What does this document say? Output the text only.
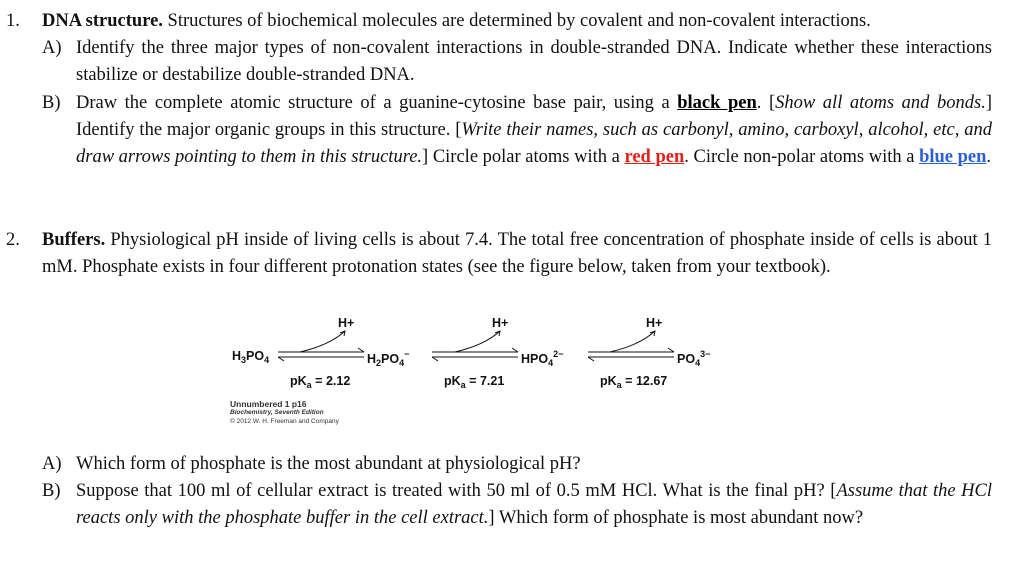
1. DNA structure. Structures of biochemical molecules are determined by covalent and non-covalent interactions.
A) Identify the three major types of non-covalent interactions in double-stranded DNA. Indicate whether these interactions stabilize or destabilize double-stranded DNA.
B) Draw the complete atomic structure of a guanine-cytosine base pair, using a black pen. [Show all atoms and bonds.] Identify the major organic groups in this structure. [Write their names, such as carbonyl, amino, carboxyl, alcohol, etc, and draw arrows pointing to them in this structure.] Circle polar atoms with a red pen. Circle non-polar atoms with a blue pen.
2. Buffers. Physiological pH inside of living cells is about 7.4. The total free concentration of phosphate inside of cells is about 1 mM. Phosphate exists in four different protonation states (see the figure below, taken from your textbook).
H+	H+	H+
$H_3PO_4$	$H_2PO_4^-$	$HPO_4^{2-}$	$PO_4^{3-}$
$pK_a = 2.12$	$pK_a = 7.21$	$pK_a = 12.67$
Unnumbered 1 p16
Biochemistry, Seventh Edition
© 2012 W. H. Freeman and Company
A) Which form of phosphate is the most abundant at physiological pH?
B) Suppose that 100 ml of cellular extract is treated with 50 ml of 0.5 mM HCl. What is the final pH? [Assume that the HCl reacts only with the phosphate buffer in the cell extract.] Which form of phosphate is most abundant now?
